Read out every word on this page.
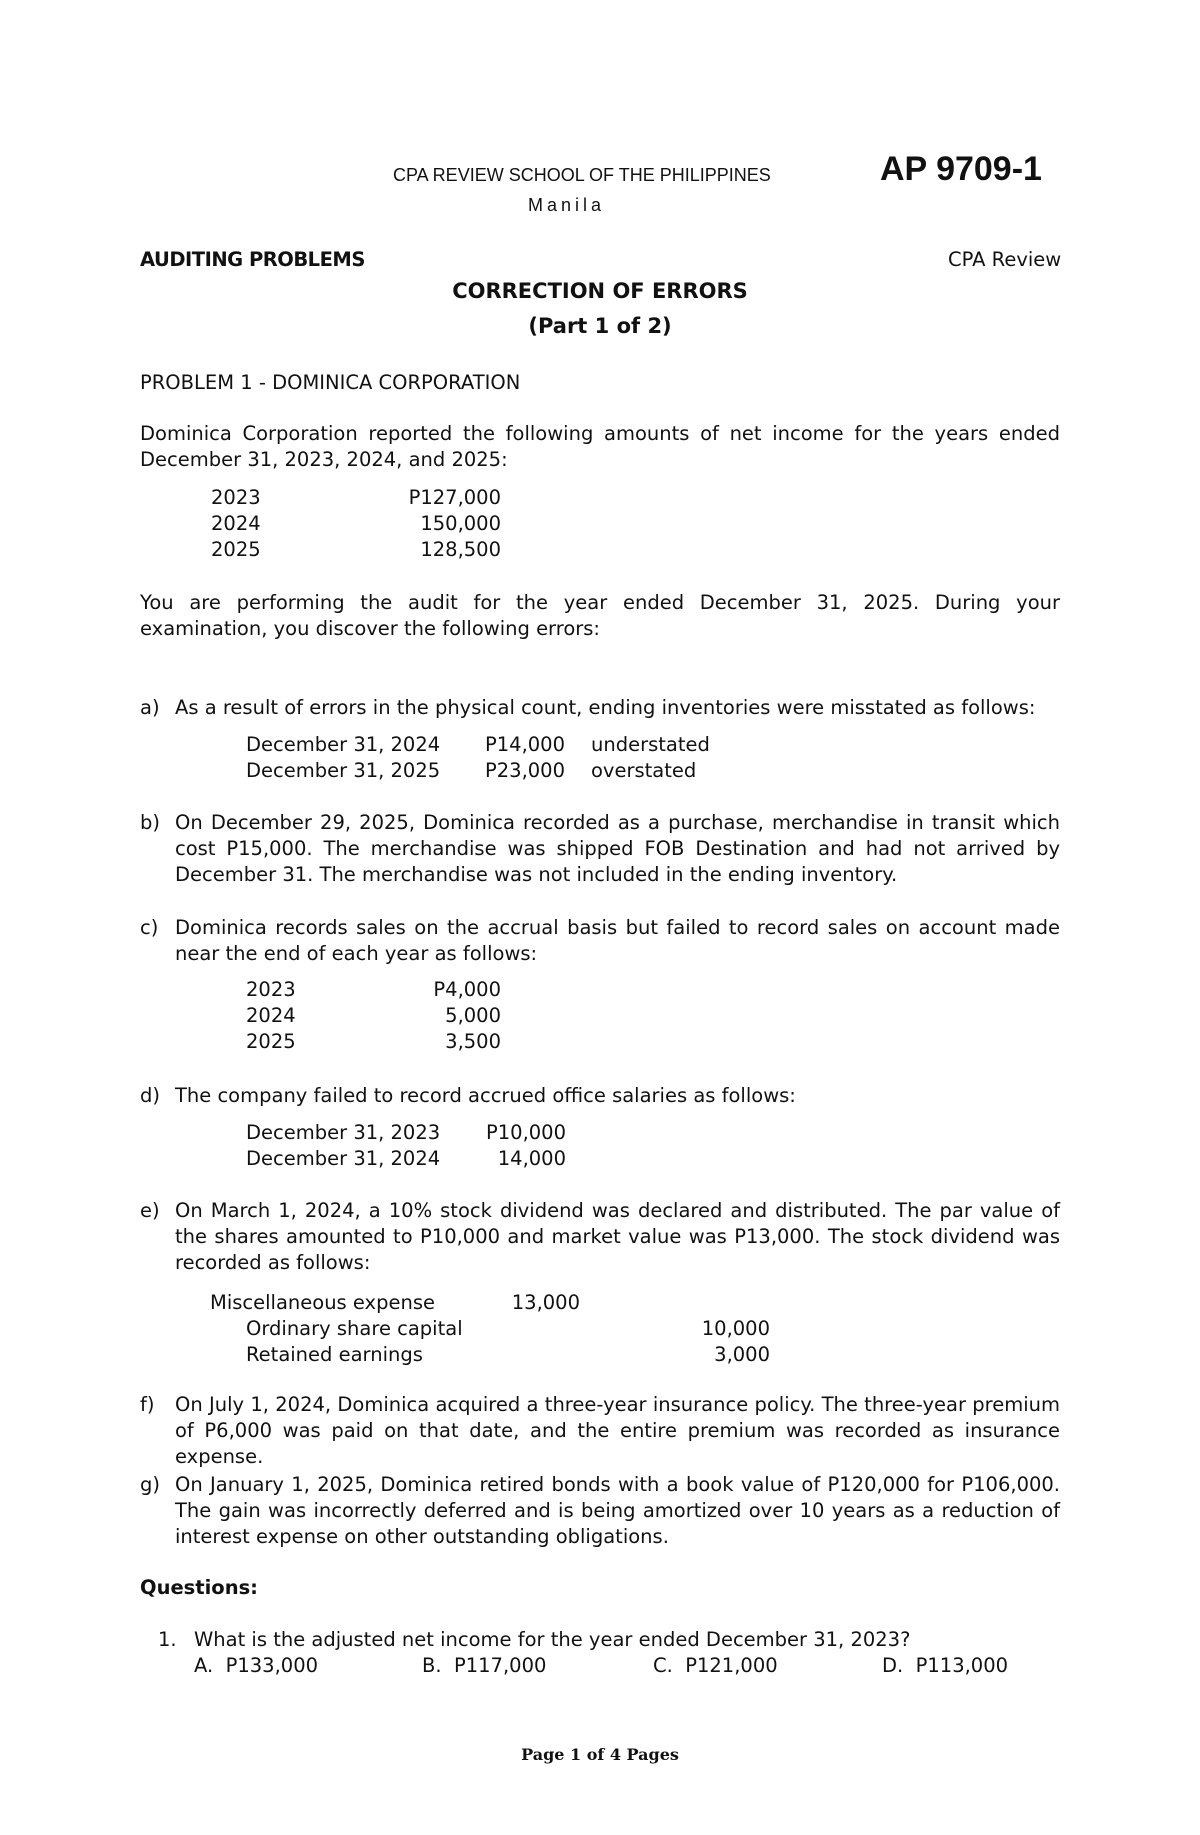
CPA REVIEW SCHOOL OF THE PHILIPPINES
Manila
AP 9709-1
AUDITING PROBLEMS	CPA Review
CORRECTION OF ERRORS
(Part 1 of 2)
PROBLEM 1 - DOMINICA CORPORATION
Dominica Corporation reported the following amounts of net income for the years ended December 31, 2023, 2024, and 2025:
2023	P127,000
2024	150,000
2025	128,500
You are performing the audit for the year ended December 31, 2025. During your examination, you discover the following errors:
a) As a result of errors in the physical count, ending inventories were misstated as follows:
December 31, 2024 P14,000 understated
December 31, 2025 P23,000 overstated
b) On December 29, 2025, Dominica recorded as a purchase, merchandise in transit which cost P15,000. The merchandise was shipped FOB Destination and had not arrived by December 31. The merchandise was not included in the ending inventory.
c) Dominica records sales on the accrual basis but failed to record sales on account made near the end of each year as follows:
2023	P4,000
2024	5,000
2025	3,500
d) The company failed to record accrued office salaries as follows:
December 31, 2023 P10,000
December 31, 2024	14,000
e) On March 1, 2024, a 10% stock dividend was declared and distributed. The par value of the shares amounted to P10,000 and market value was P13,000. The stock dividend was recorded as follows:
Miscellaneous expense	13,000
Ordinary share capital	10,000
Retained earnings	3,000
f) On July 1, 2024, Dominica acquired a three-year insurance policy. The three-year premium of P6,000 was paid on that date, and the entire premium was recorded as insurance expense.
g) On January 1, 2025, Dominica retired bonds with a book value of P120,000 for P106,000. The gain was incorrectly deferred and is being amortized over 10 years as a reduction of interest expense on other outstanding obligations.
Questions:
1. What is the adjusted net income for the year ended December 31, 2023?
A. P133,000	B. P117,000	C. P121,000	D. P113,000
Page 1 of 4 Pages
